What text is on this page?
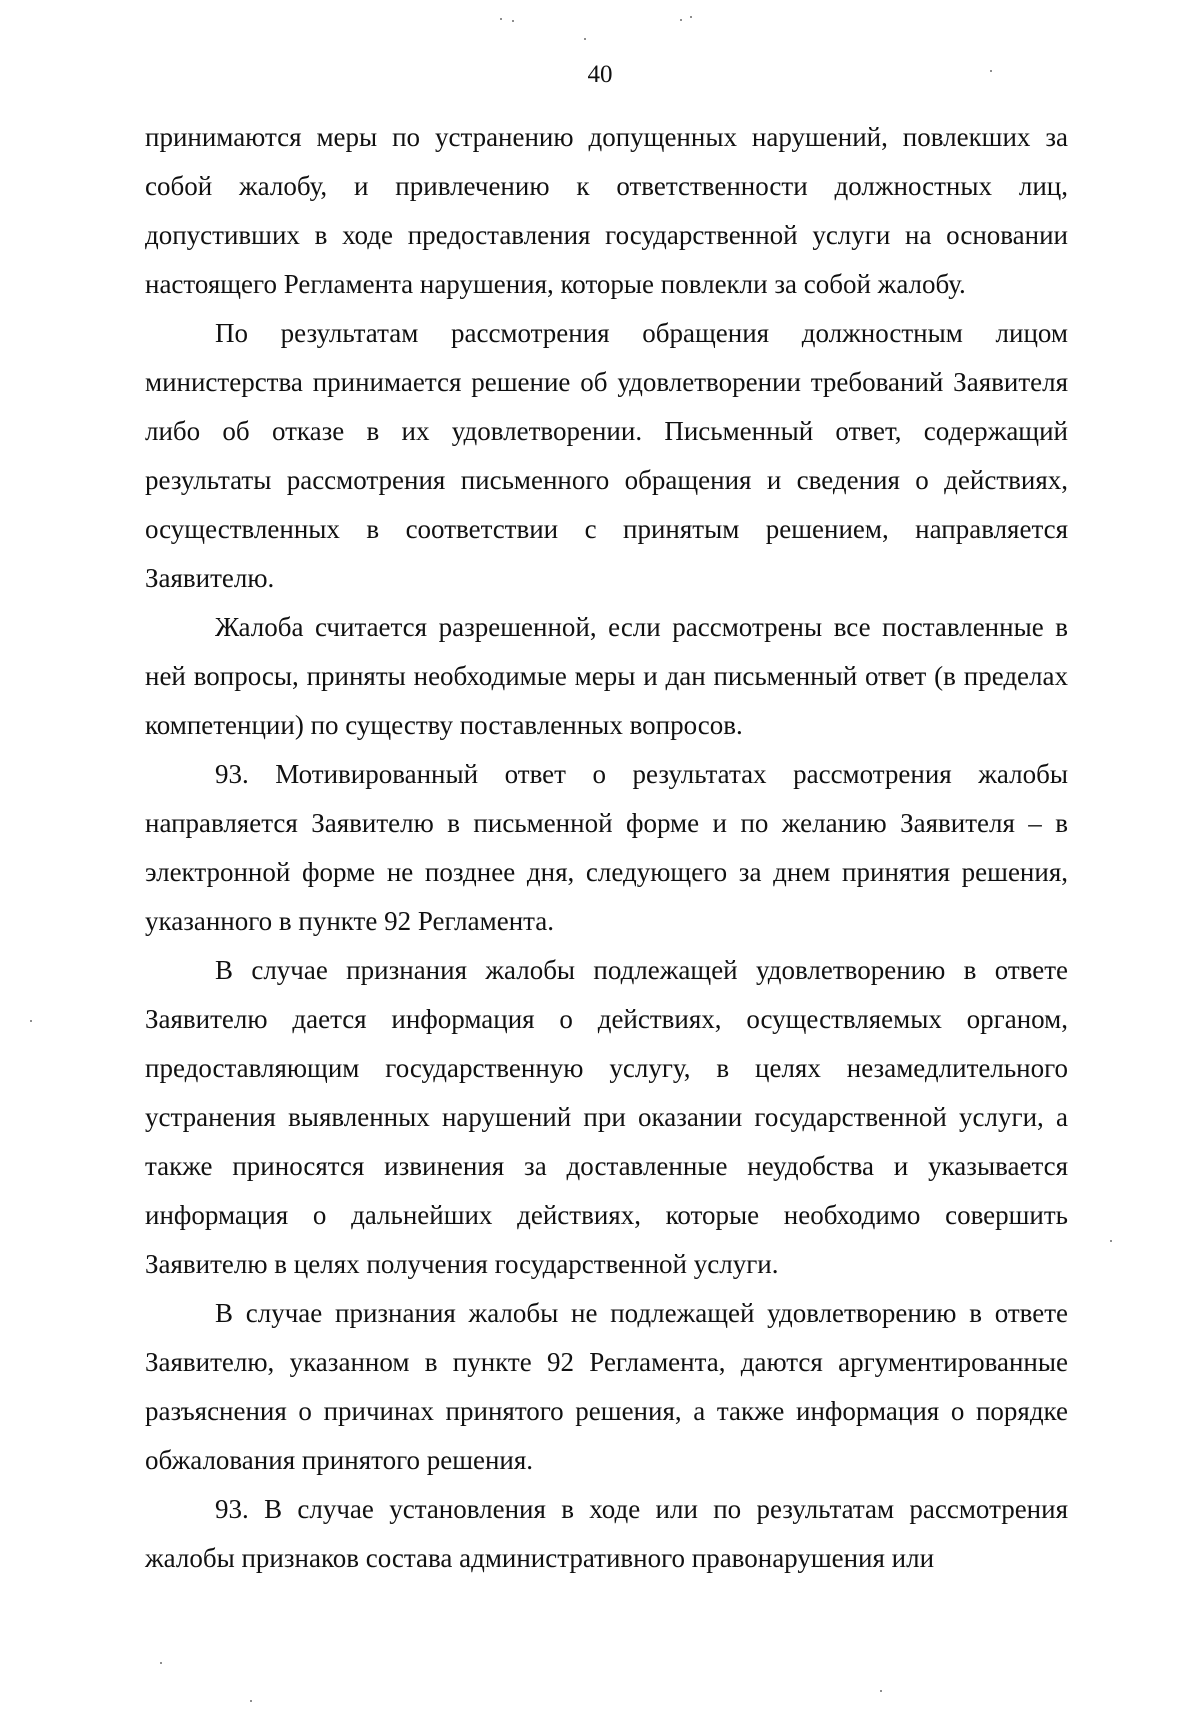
40

принимаются меры по устранению допущенных нарушений, повлекших за собой жалобу, и привлечению к ответственности должностных лиц, допустивших в ходе предоставления государственной услуги на основании настоящего Регламента нарушения, которые повлекли за собой жалобу.

По результатам рассмотрения обращения должностным лицом министерства принимается решение об удовлетворении требований Заявителя либо об отказе в их удовлетворении. Письменный ответ, содержащий результаты рассмотрения письменного обращения и сведения о действиях, осуществленных в соответствии с принятым решением, направляется Заявителю.

Жалоба считается разрешенной, если рассмотрены все поставленные в ней вопросы, приняты необходимые меры и дан письменный ответ (в пределах компетенции) по существу поставленных вопросов.

93. Мотивированный ответ о результатах рассмотрения жалобы направляется Заявителю в письменной форме и по желанию Заявителя – в электронной форме не позднее дня, следующего за днем принятия решения, указанного в пункте 92 Регламента.

В случае признания жалобы подлежащей удовлетворению в ответе Заявителю дается информация о действиях, осуществляемых органом, предоставляющим государственную услугу, в целях незамедлительного устранения выявленных нарушений при оказании государственной услуги, а также приносятся извинения за доставленные неудобства и указывается информация о дальнейших действиях, которые необходимо совершить Заявителю в целях получения государственной услуги.

В случае признания жалобы не подлежащей удовлетворению в ответе Заявителю, указанном в пункте 92 Регламента, даются аргументированные разъяснения о причинах принятого решения, а также информация о порядке обжалования принятого решения.

93. В случае установления в ходе или по результатам рассмотрения жалобы признаков состава административного правонарушения или
